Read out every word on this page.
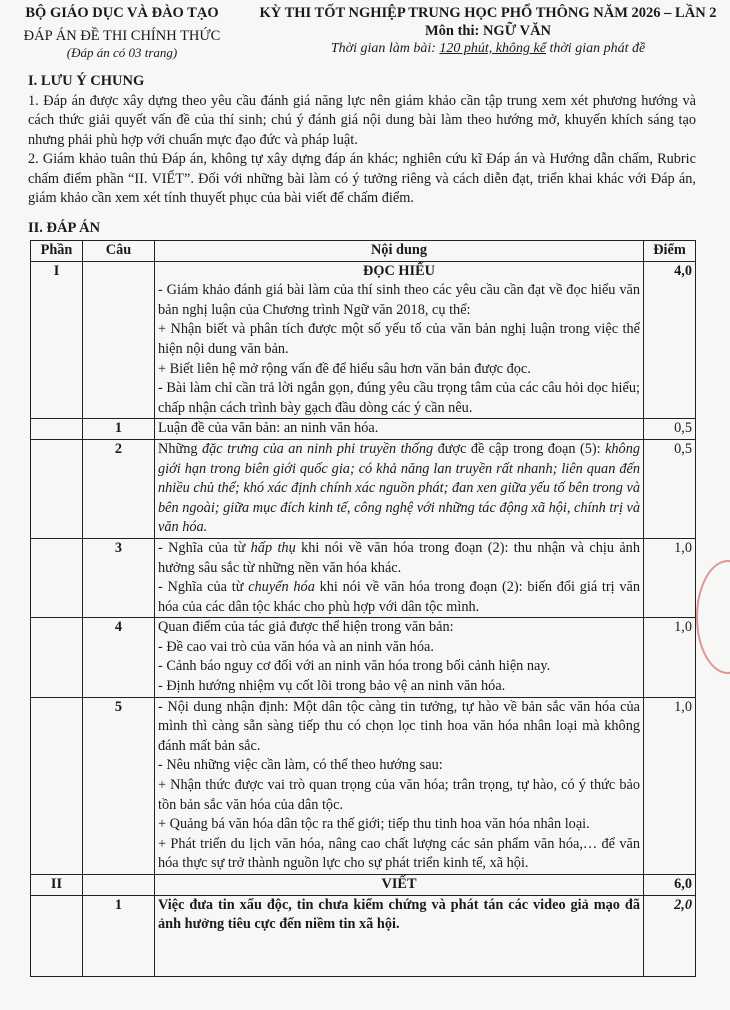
BỘ GIÁO DỤC VÀ ĐÀO TẠO
ĐÁP ÁN ĐỀ THI CHÍNH THỨC
(Đáp án có 03 trang)
KỲ THI TỐT NGHIỆP TRUNG HỌC PHỔ THÔNG NĂM 2026 – LẦN 2
Môn thi: NGỮ VĂN
Thời gian làm bài: 120 phút, không kể thời gian phát đề
I. LƯU Ý CHUNG

1. Đáp án được xây dựng theo yêu cầu đánh giá năng lực nên giám khảo cần tập trung xem xét phương hướng và cách thức giải quyết vấn đề của thí sinh; chú ý đánh giá nội dung bài làm theo hướng mở, khuyến khích sáng tạo nhưng phải phù hợp với chuẩn mực đạo đức và pháp luật.

2. Giám khảo tuân thủ Đáp án, không tự xây dựng đáp án khác; nghiên cứu kĩ Đáp án và Hướng dẫn chấm, Rubric chấm điểm phần “II. VIẾT”. Đối với những bài làm có ý tưởng riêng và cách diễn đạt, triển khai khác với Đáp án, giám khảo cần xem xét tính thuyết phục của bài viết để chấm điểm.

II. ĐÁP ÁN
Phần	Câu	Nội dung	Điểm
I		ĐỌC HIỂU

- Giám khảo đánh giá bài làm của thí sinh theo các yêu cầu cần đạt về đọc hiểu văn bản nghị luận của Chương trình Ngữ văn 2018, cụ thể:

+ Nhận biết và phân tích được một số yếu tố của văn bản nghị luận trong việc thể hiện nội dung văn bản.

+ Biết liên hệ mở rộng vấn đề để hiểu sâu hơn văn bản được đọc.

- Bài làm chỉ cần trả lời ngắn gọn, đúng yêu cầu trọng tâm của các câu hỏi dọc hiểu; chấp nhận cách trình bày gạch đầu dòng các ý cần nêu.	4,0
	1	Luận đề của văn bản: an ninh văn hóa.	0,5
	2	Những đặc trưng của an ninh phi truyền thống được đề cập trong đoạn (5): không giới hạn trong biên giới quốc gia; có khả năng lan truyền rất nhanh; liên quan đến nhiều chủ thể; khó xác định chính xác nguồn phát; đan xen giữa yếu tố bên trong và bên ngoài; giữa mục đích kinh tế, công nghệ với những tác động xã hội, chính trị và văn hóa.	0,5
	3	- Nghĩa của từ hấp thụ khi nói về văn hóa trong đoạn (2): thu nhận và chịu ảnh hưởng sâu sắc từ những nền văn hóa khác.

- Nghĩa của từ chuyển hóa khi nói về văn hóa trong đoạn (2): biến đổi giá trị văn hóa của các dân tộc khác cho phù hợp với dân tộc mình.	1,0
	4	Quan điểm của tác giả được thể hiện trong văn bản:

- Đề cao vai trò của văn hóa và an ninh văn hóa.

- Cảnh báo nguy cơ đối với an ninh văn hóa trong bối cảnh hiện nay.

- Định hướng nhiệm vụ cốt lõi trong bảo vệ an ninh văn hóa.	1,0
	5	- Nội dung nhận định: Một dân tộc càng tin tưởng, tự hào về bản sắc văn hóa của mình thì càng sẵn sàng tiếp thu có chọn lọc tinh hoa văn hóa nhân loại mà không đánh mất bản sắc.

- Nêu những việc cần làm, có thể theo hướng sau:

+ Nhận thức được vai trò quan trọng của văn hóa; trân trọng, tự hào, có ý thức bảo tồn bản sắc văn hóa của dân tộc.

+ Quảng bá văn hóa dân tộc ra thế giới; tiếp thu tinh hoa văn hóa nhân loại.

+ Phát triển du lịch văn hóa, nâng cao chất lượng các sản phẩm văn hóa,… để văn hóa thực sự trở thành nguồn lực cho sự phát triển kinh tế, xã hội.	1,0
II		VIẾT	6,0
	1	Việc đưa tin xấu độc, tin chưa kiểm chứng và phát tán các video giả mạo đã ảnh hưởng tiêu cực đến niềm tin xã hội.	2,0
